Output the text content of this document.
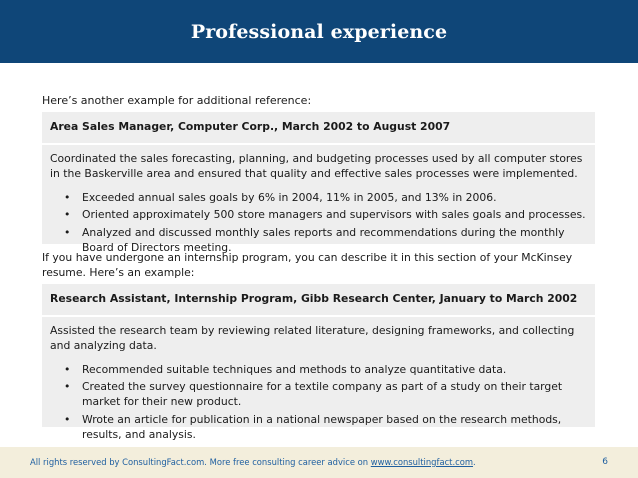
Professional experience
Here’s another example for additional reference:
Area Sales Manager, Computer Corp., March 2002 to August 2007
Coordinated the sales forecasting, planning, and budgeting processes used by all computer stores in the Baskerville area and ensured that quality and effective sales processes were implemented.
• Exceeded annual sales goals by 6% in 2004, 11% in 2005, and 13% in 2006.
• Oriented approximately 500 store managers and supervisors with sales goals and processes.
• Analyzed and discussed monthly sales reports and recommendations during the monthly Board of Directors meeting.
If you have undergone an internship program, you can describe it in this section of your McKinsey resume. Here’s an example:
Research Assistant, Internship Program, Gibb Research Center, January to March 2002
Assisted the research team by reviewing related literature, designing frameworks, and collecting and analyzing data.
• Recommended suitable techniques and methods to analyze quantitative data.
• Created the survey questionnaire for a textile company as part of a study on their target market for their new product.
• Wrote an article for publication in a national newspaper based on the research methods, results, and analysis.
All rights reserved by ConsultingFact.com. More free consulting career advice on www.consultingfact.com.	6
